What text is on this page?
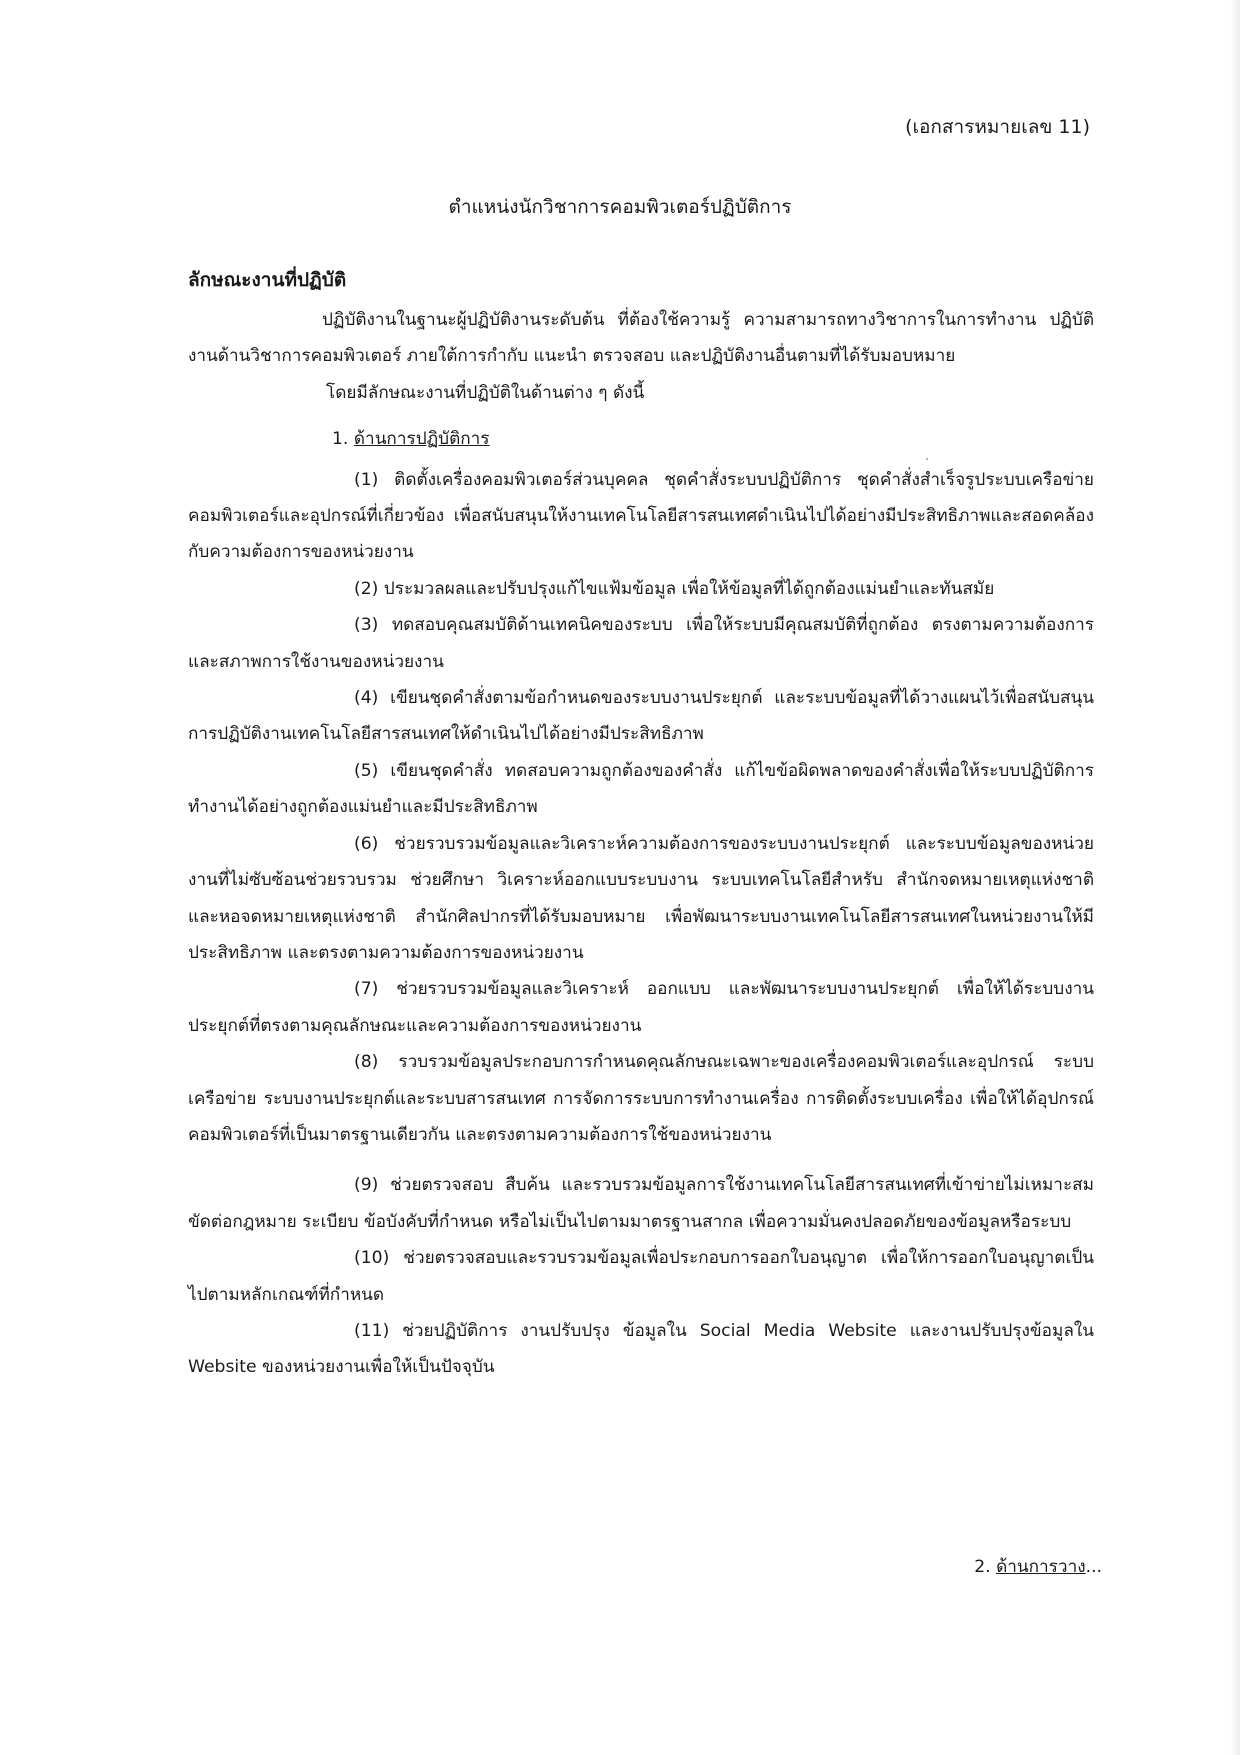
(เอกสารหมายเลข 11)
ตำแหน่งนักวิชาการคอมพิวเตอร์ปฏิบัติการ
ลักษณะงานที่ปฏิบัติ

ปฏิบัติงานในฐานะผู้ปฏิบัติงานระดับต้น ที่ต้องใช้ความรู้ ความสามารถทางวิชาการในการทำงาน ปฏิบัติงานด้านวิชาการคอมพิวเตอร์ ภายใต้การกำกับ แนะนำ ตรวจสอบ และปฏิบัติงานอื่นตามที่ได้รับมอบหมาย

โดยมีลักษณะงานที่ปฏิบัติในด้านต่าง ๆ ดังนี้

1. ด้านการปฏิบัติการ

(1) ติดตั้งเครื่องคอมพิวเตอร์ส่วนบุคคล ชุดคำสั่งระบบปฏิบัติการ ชุดคำสั่งสำเร็จรูประบบเครือข่ายคอมพิวเตอร์และอุปกรณ์ที่เกี่ยวข้อง เพื่อสนับสนุนให้งานเทคโนโลยีสารสนเทศดำเนินไปได้อย่างมีประสิทธิภาพและสอดคล้องกับความต้องการของหน่วยงาน

(2) ประมวลผลและปรับปรุงแก้ไขแฟ้มข้อมูล เพื่อให้ข้อมูลที่ได้ถูกต้องแม่นยำและทันสมัย

(3) ทดสอบคุณสมบัติด้านเทคนิคของระบบ เพื่อให้ระบบมีคุณสมบัติที่ถูกต้อง ตรงตามความต้องการและสภาพการใช้งานของหน่วยงาน

(4) เขียนชุดคำสั่งตามข้อกำหนดของระบบงานประยุกต์ และระบบข้อมูลที่ได้วางแผนไว้เพื่อสนับสนุนการปฏิบัติงานเทคโนโลยีสารสนเทศให้ดำเนินไปได้อย่างมีประสิทธิภาพ

(5) เขียนชุดคำสั่ง ทดสอบความถูกต้องของคำสั่ง แก้ไขข้อผิดพลาดของคำสั่งเพื่อให้ระบบปฏิบัติการทำงานได้อย่างถูกต้องแม่นยำและมีประสิทธิภาพ

(6) ช่วยรวบรวมข้อมูลและวิเคราะห์ความต้องการของระบบงานประยุกต์ และระบบข้อมูลของหน่วยงานที่ไม่ซับซ้อนช่วยรวบรวม ช่วยศึกษา วิเคราะห์ออกแบบระบบงาน ระบบเทคโนโลยีสำหรับ สำนักจดหมายเหตุแห่งชาติ และหอจดหมายเหตุแห่งชาติ สำนักศิลปากรที่ได้รับมอบหมาย เพื่อพัฒนาระบบงานเทคโนโลยีสารสนเทศในหน่วยงานให้มีประสิทธิภาพ และตรงตามความต้องการของหน่วยงาน

(7) ช่วยรวบรวมข้อมูลและวิเคราะห์ ออกแบบ และพัฒนาระบบงานประยุกต์ เพื่อให้ได้ระบบงานประยุกต์ที่ตรงตามคุณลักษณะและความต้องการของหน่วยงาน

(8) รวบรวมข้อมูลประกอบการกำหนดคุณลักษณะเฉพาะของเครื่องคอมพิวเตอร์และอุปกรณ์ ระบบเครือข่าย ระบบงานประยุกต์และระบบสารสนเทศ การจัดการระบบการทำงานเครื่อง การติดตั้งระบบเครื่อง เพื่อให้ได้อุปกรณ์คอมพิวเตอร์ที่เป็นมาตรฐานเดียวกัน และตรงตามความต้องการใช้ของหน่วยงาน

(9) ช่วยตรวจสอบ สืบค้น และรวบรวมข้อมูลการใช้งานเทคโนโลยีสารสนเทศที่เข้าข่ายไม่เหมาะสม ขัดต่อกฎหมาย ระเบียบ ข้อบังคับที่กำหนด หรือไม่เป็นไปตามมาตรฐานสากล เพื่อความมั่นคงปลอดภัยของข้อมูลหรือระบบ

(10) ช่วยตรวจสอบและรวบรวมข้อมูลเพื่อประกอบการออกใบอนุญาต เพื่อให้การออกใบอนุญาตเป็นไปตามหลักเกณฑ์ที่กำหนด

(11) ช่วยปฏิบัติการ งานปรับปรุง ข้อมูลใน Social Media Website และงานปรับปรุงข้อมูลใน Website ของหน่วยงานเพื่อให้เป็นปัจจุบัน

2. ด้านการวาง...
